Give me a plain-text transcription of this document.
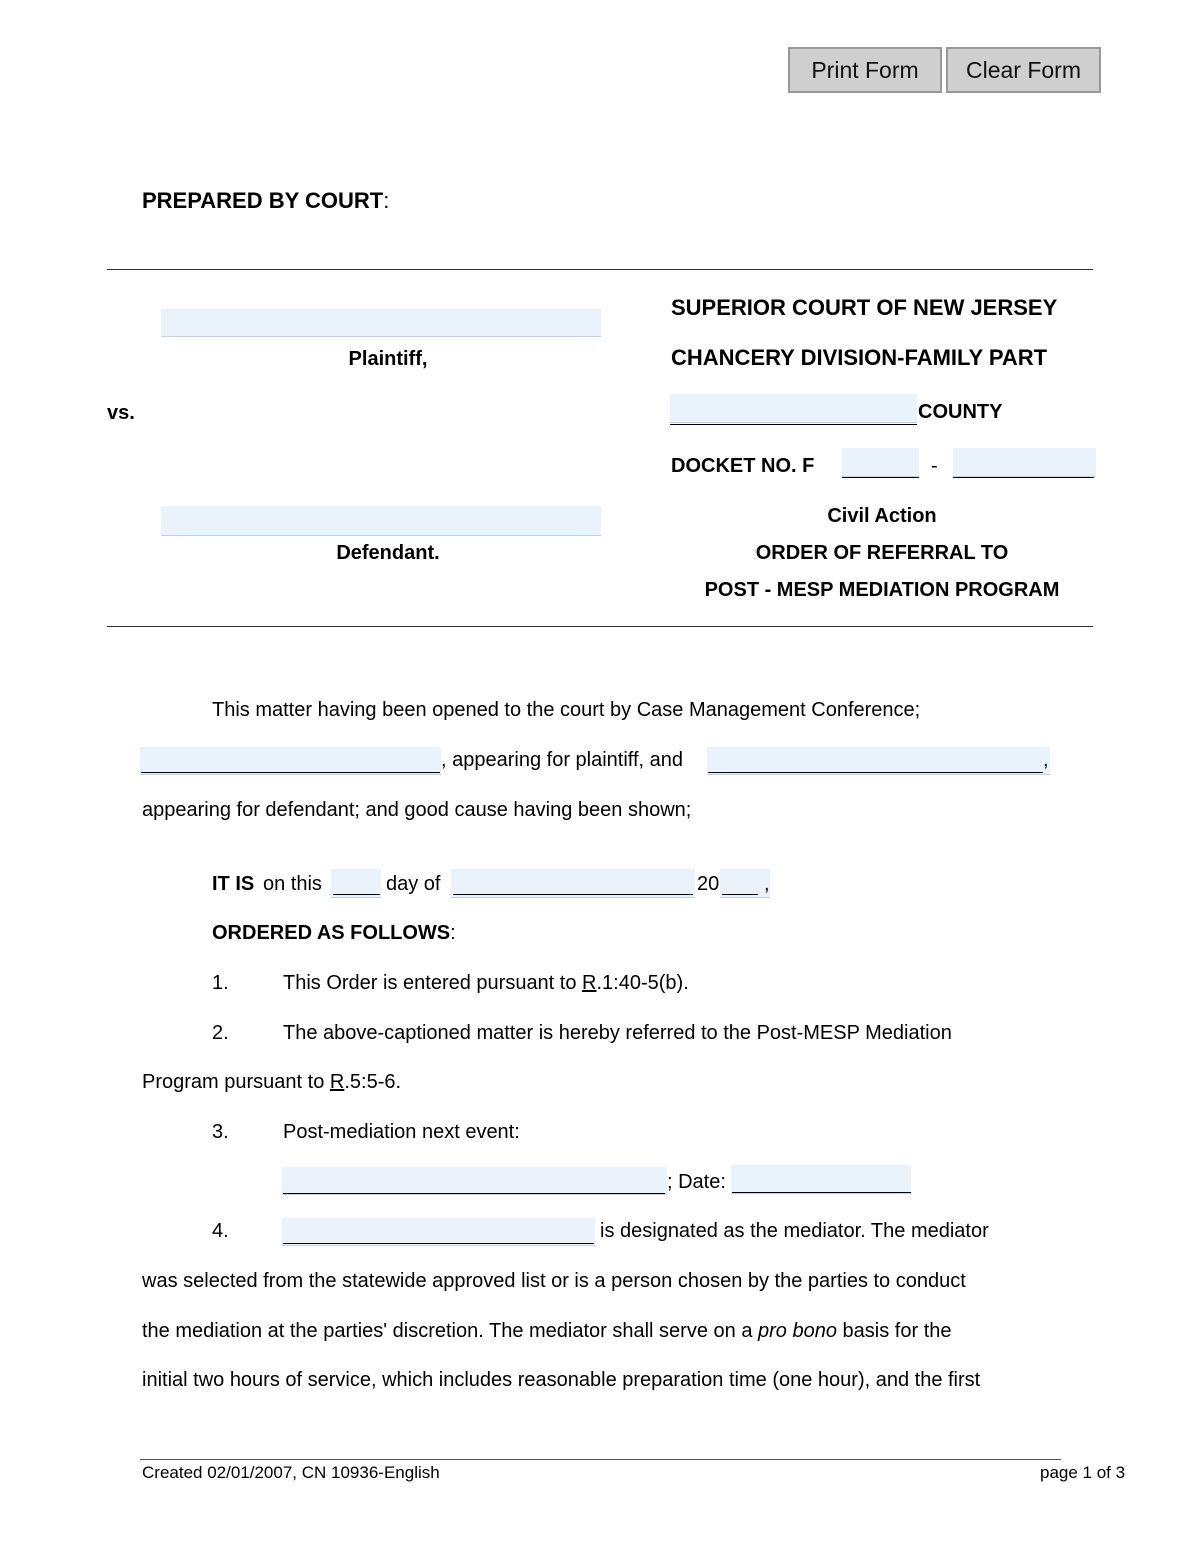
Print Form	Clear Form
PREPARED BY COURT:
Plaintiff,
vs.
Defendant.
SUPERIOR COURT OF NEW JERSEY
CHANCERY DIVISION-FAMILY PART
COUNTY
DOCKET NO. F	-
Civil Action
ORDER OF REFERRAL TO
POST - MESP MEDIATION PROGRAM
This matter having been opened to the court by Case Management Conference;
, appearing for plaintiff, and	,
appearing for defendant; and good cause having been shown;
IT IS on this	day of	20 ,
ORDERED AS FOLLOWS:
1.	This Order is entered pursuant to R.1:40-5(b).
2.	The above-captioned matter is hereby referred to the Post-MESP Mediation
Program pursuant to R.5:5-6.
3.	Post-mediation next event:
; Date:
4.	is designated as the mediator. The mediator
was selected from the statewide approved list or is a person chosen by the parties to conduct
the mediation at the parties' discretion. The mediator shall serve on a pro bono basis for the
initial two hours of service, which includes reasonable preparation time (one hour), and the first
Created 02/01/2007, CN 10936-English	page 1 of 3
